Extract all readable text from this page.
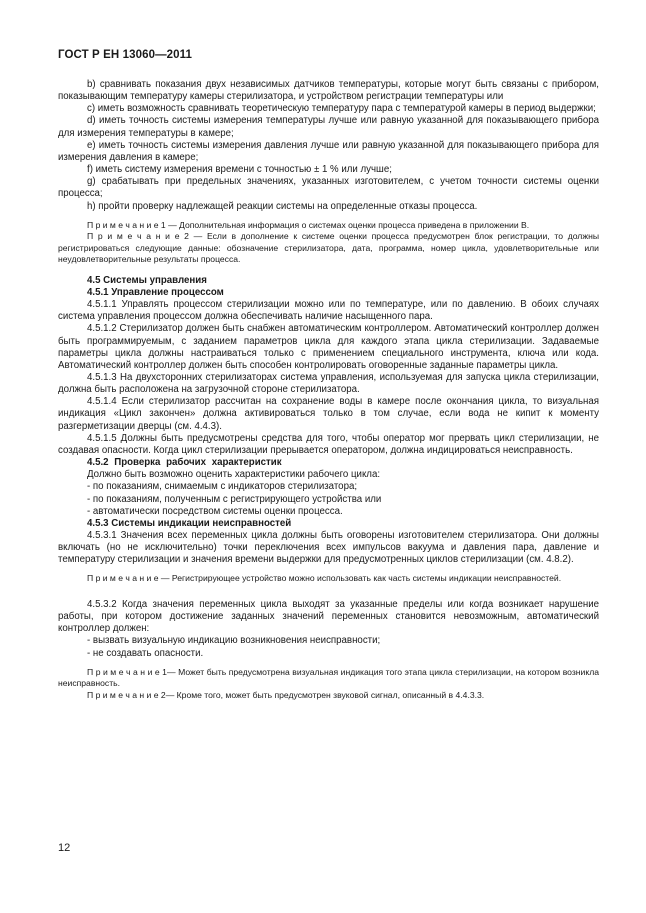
ГОСТ Р ЕН 13060—2011

b) сравнивать показания двух независимых датчиков температуры, которые могут быть связаны с прибором, показывающим температуру камеры стерилизатора, и устройством регистрации температуры или

c) иметь возможность сравнивать теоретическую температуру пара с температурой камеры в период выдержки;

d) иметь точность системы измерения температуры лучше или равную указанной для показывающего прибора для измерения температуры в камере;

e) иметь точность системы измерения давления лучше или равную указанной для показывающего прибора для измерения давления в камере;

f) иметь систему измерения времени с точностью ± 1 % или лучше;

g) срабатывать при предельных значениях, указанных изготовителем, с учетом точности системы оценки процесса;

h) пройти проверку надлежащей реакции системы на определенные отказы процесса.

П р и м е ч а н и е 1 — Дополнительная информация о системах оценки процесса приведена в приложении В.

П р и м е ч а н и е 2 — Если в дополнение к системе оценки процесса предусмотрен блок регистрации, то должны регистрироваться следующие данные: обозначение стерилизатора, дата, программа, номер цикла, удовлетворительные или неудовлетворительные результаты процесса.

4.5 Системы управления

4.5.1 Управление процессом

4.5.1.1 Управлять процессом стерилизации можно или по температуре, или по давлению. В обоих случаях система управления процессом должна обеспечивать наличие насыщенного пара.

4.5.1.2 Стерилизатор должен быть снабжен автоматическим контроллером. Автоматический контроллер должен быть программируемым, с заданием параметров цикла для каждого этапа цикла стерилизации. Задаваемые параметры цикла должны настраиваться только с применением специального инструмента, ключа или кода. Автоматический контроллер должен быть способен контролировать оговоренные заданные параметры цикла.

4.5.1.3 На двухсторонних стерилизаторах система управления, используемая для запуска цикла стерилизации, должна быть расположена на загрузочной стороне стерилизатора.

4.5.1.4 Если стерилизатор рассчитан на сохранение воды в камере после окончания цикла, то визуальная индикация «Цикл закончен» должна активироваться только в том случае, если вода не кипит к моменту разгерметизации дверцы (см. 4.4.3).

4.5.1.5 Должны быть предусмотрены средства для того, чтобы оператор мог прервать цикл стерилизации, не создавая опасности. Когда цикл стерилизации прерывается оператором, должна индицироваться неисправность.

4.5.2 Проверка рабочих характеристик

Должно быть возможно оценить характеристики рабочего цикла:

- по показаниям, снимаемым с индикаторов стерилизатора;

- по показаниям, полученным с регистрирующего устройства или

- автоматически посредством системы оценки процесса.

4.5.3 Системы индикации неисправностей

4.5.3.1 Значения всех переменных цикла должны быть оговорены изготовителем стерилизатора. Они должны включать (но не исключительно) точки переключения всех импульсов вакуума и давления пара, давление и температуру стерилизации и значения времени выдержки для предусмотренных циклов стерилизации (см. 4.8.2).

П р и м е ч а н и е — Регистрирующее устройство можно использовать как часть системы индикации неисправностей.

4.5.3.2 Когда значения переменных цикла выходят за указанные пределы или когда возникает нарушение работы, при котором достижение заданных значений переменных становится невозможным, автоматический контроллер должен:

- вызвать визуальную индикацию возникновения неисправности;

- не создавать опасности.

П р и м е ч а н и е 1— Может быть предусмотрена визуальная индикация того этапа цикла стерилизации, на котором возникла неисправность.

П р и м е ч а н и е 2— Кроме того, может быть предусмотрен звуковой сигнал, описанный в 4.4.3.3.

12
